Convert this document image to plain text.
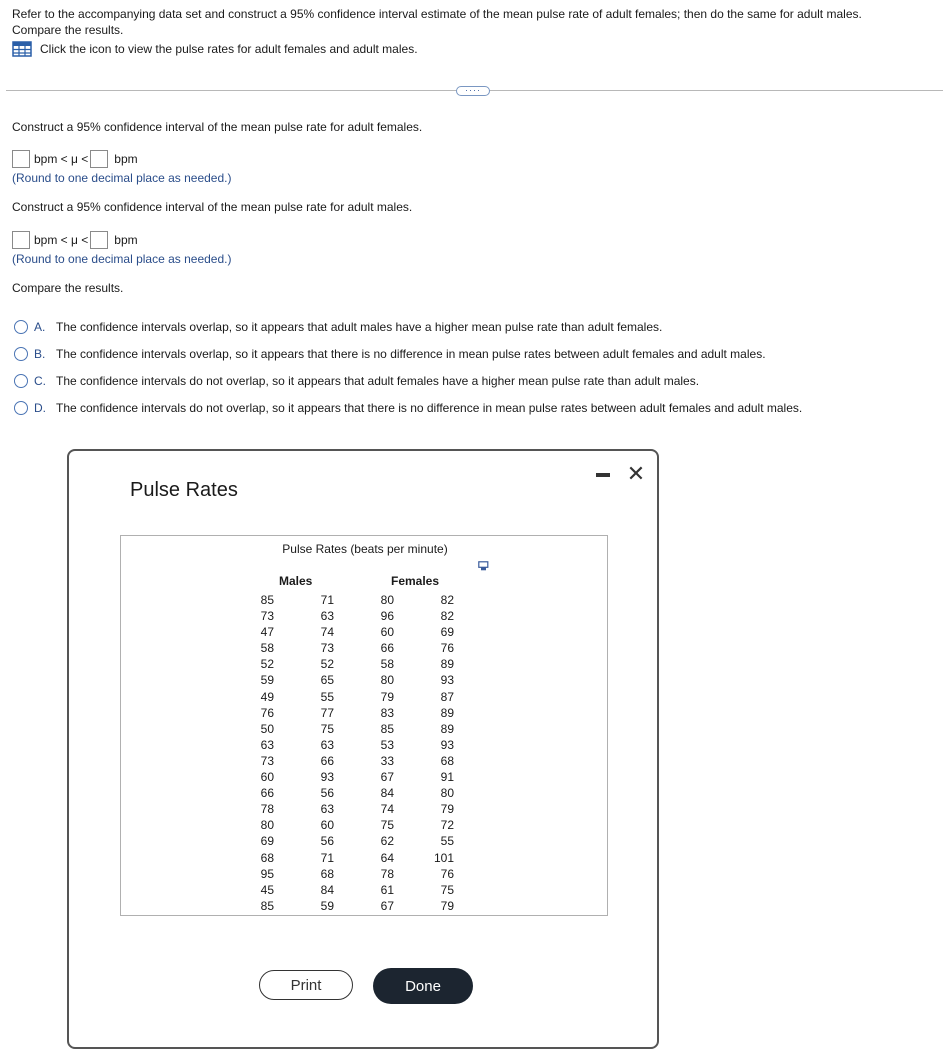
Refer to the accompanying data set and construct a 95% confidence interval estimate of the mean pulse rate of adult females; then do the same for adult males.
Compare the results.
Click the icon to view the pulse rates for adult females and adult males.
····
Construct a 95% confidence interval of the mean pulse rate for adult females.
bpm < μ < bpm
(Round to one decimal place as needed.)
Construct a 95% confidence interval of the mean pulse rate for adult males.
bpm < μ < bpm
(Round to one decimal place as needed.)
Compare the results.
A. The confidence intervals overlap, so it appears that adult males have a higher mean pulse rate than adult females.
B. The confidence intervals overlap, so it appears that there is no difference in mean pulse rates between adult females and adult males.
C. The confidence intervals do not overlap, so it appears that adult females have a higher mean pulse rate than adult males.
D. The confidence intervals do not overlap, so it appears that there is no difference in mean pulse rates between adult females and adult males.
Pulse Rates
✕
Pulse Rates (beats per minute)
Males	Females
85
73
47
58
52
59
49
76
50
63
73
60
66
78
80
69
68
95
45
85
71
63
74
73
52
65
55
77
75
63
66
93
56
63
60
56
71
68
84
59
80
96
60
66
58
80
79
83
85
53
33
67
84
74
75
62
64
78
61
67
82
82
69
76
89
93
87
89
89
93
68
91
80
79
72
55
101
76
75
79
Print	Done
